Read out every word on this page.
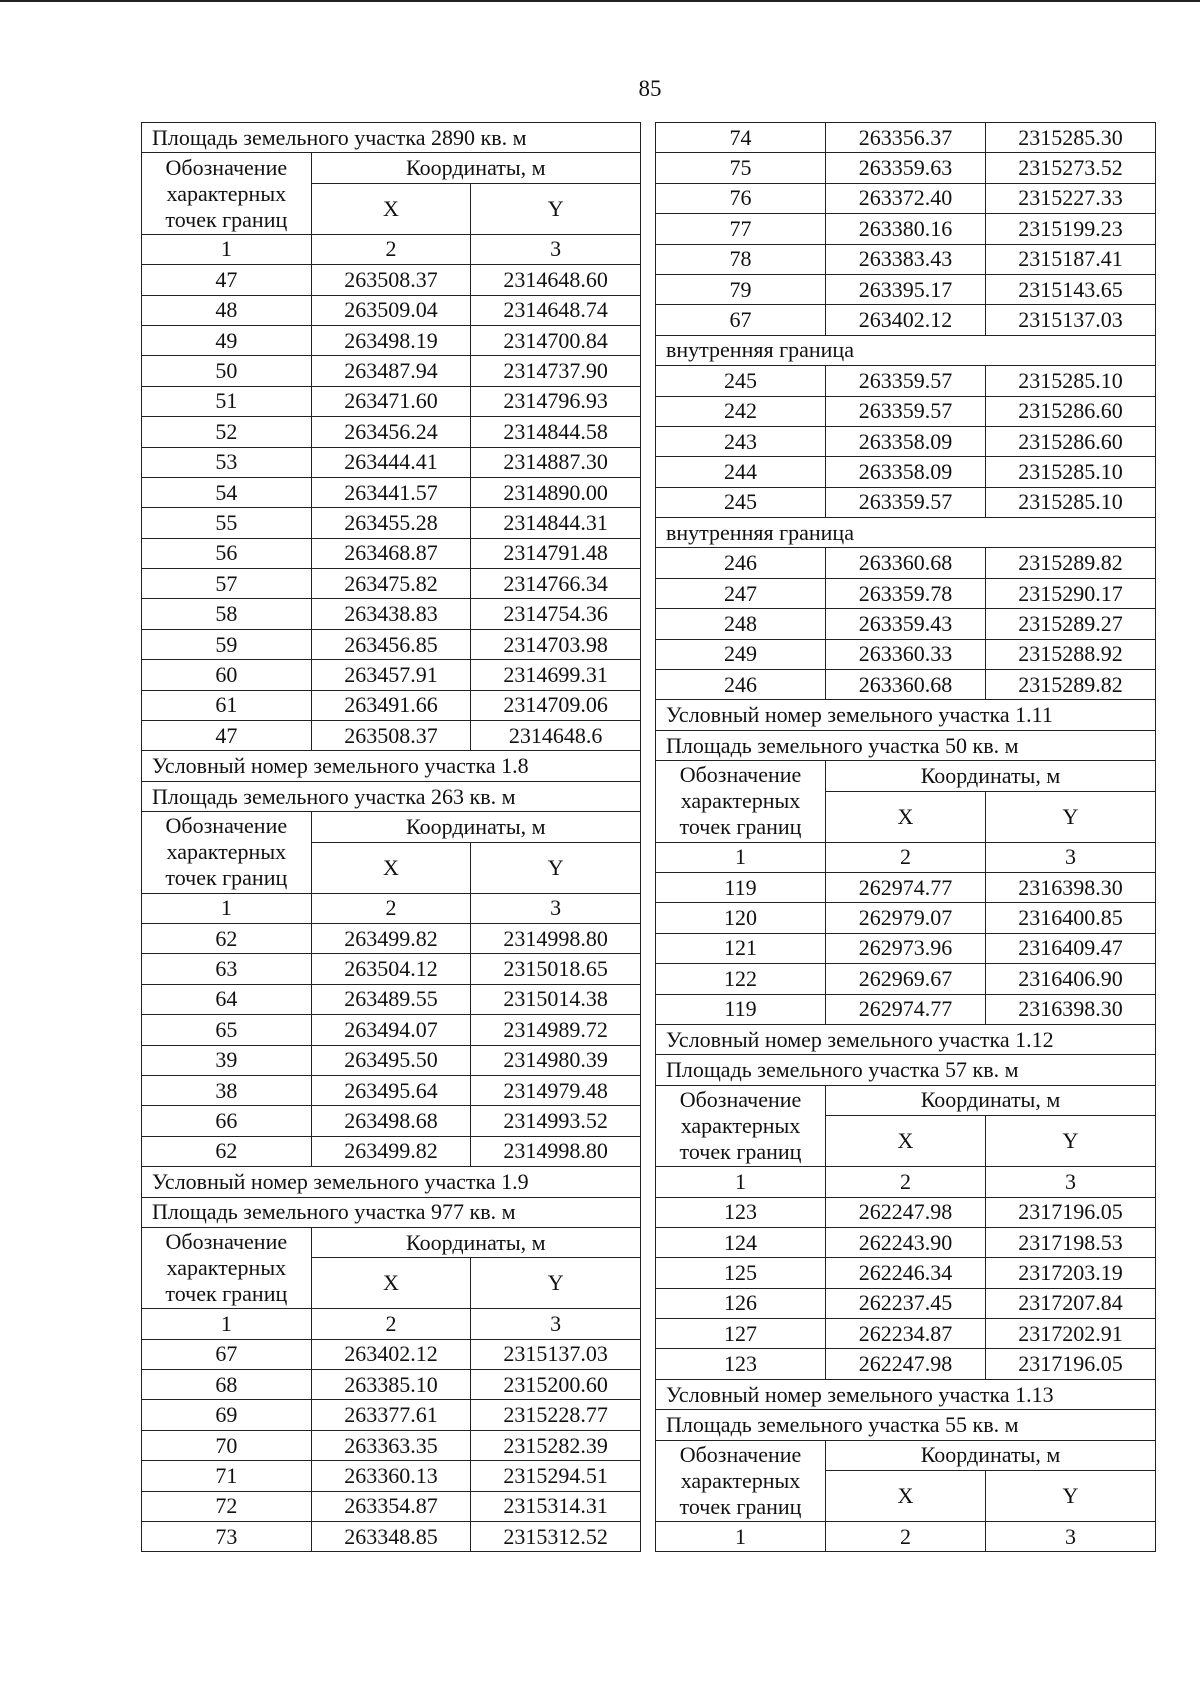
85
Площадь земельного участка 2890 кв. м		
Обозначение характерных точек границ	Координаты, м	
	X	Y
1	2	3
47	263508.37	2314648.60
48	263509.04	2314648.74
49	263498.19	2314700.84
50	263487.94	2314737.90
51	263471.60	2314796.93
52	263456.24	2314844.58
53	263444.41	2314887.30
54	263441.57	2314890.00
55	263455.28	2314844.31
56	263468.87	2314791.48
57	263475.82	2314766.34
58	263438.83	2314754.36
59	263456.85	2314703.98
60	263457.91	2314699.31
61	263491.66	2314709.06
47	263508.37	2314648.6
Условный номер земельного участка 1.8		
Площадь земельного участка 263 кв. м		
Обозначение характерных точек границ	Координаты, м	
	X	Y
1	2	3
62	263499.82	2314998.80
63	263504.12	2315018.65
64	263489.55	2315014.38
65	263494.07	2314989.72
39	263495.50	2314980.39
38	263495.64	2314979.48
66	263498.68	2314993.52
62	263499.82	2314998.80
Условный номер земельного участка 1.9		
Площадь земельного участка 977 кв. м		
Обозначение характерных точек границ	Координаты, м	
	X	Y
1	2	3
67	263402.12	2315137.03
68	263385.10	2315200.60
69	263377.61	2315228.77
70	263363.35	2315282.39
71	263360.13	2315294.51
72	263354.87	2315314.31
73	263348.85	2315312.52
74	263356.37	2315285.30
75	263359.63	2315273.52
76	263372.40	2315227.33
77	263380.16	2315199.23
78	263383.43	2315187.41
79	263395.17	2315143.65
67	263402.12	2315137.03
внутренняя граница		
245	263359.57	2315285.10
242	263359.57	2315286.60
243	263358.09	2315286.60
244	263358.09	2315285.10
245	263359.57	2315285.10
внутренняя граница		
246	263360.68	2315289.82
247	263359.78	2315290.17
248	263359.43	2315289.27
249	263360.33	2315288.92
246	263360.68	2315289.82
Условный номер земельного участка 1.11		
Площадь земельного участка 50 кв. м		
Обозначение характерных точек границ	Координаты, м	
	X	Y
1	2	3
119	262974.77	2316398.30
120	262979.07	2316400.85
121	262973.96	2316409.47
122	262969.67	2316406.90
119	262974.77	2316398.30
Условный номер земельного участка 1.12		
Площадь земельного участка 57 кв. м		
Обозначение характерных точек границ	Координаты, м	
	X	Y
1	2	3
123	262247.98	2317196.05
124	262243.90	2317198.53
125	262246.34	2317203.19
126	262237.45	2317207.84
127	262234.87	2317202.91
123	262247.98	2317196.05
Условный номер земельного участка 1.13		
Площадь земельного участка 55 кв. м		
Обозначение характерных точек границ	Координаты, м	
	X	Y
1	2	3
